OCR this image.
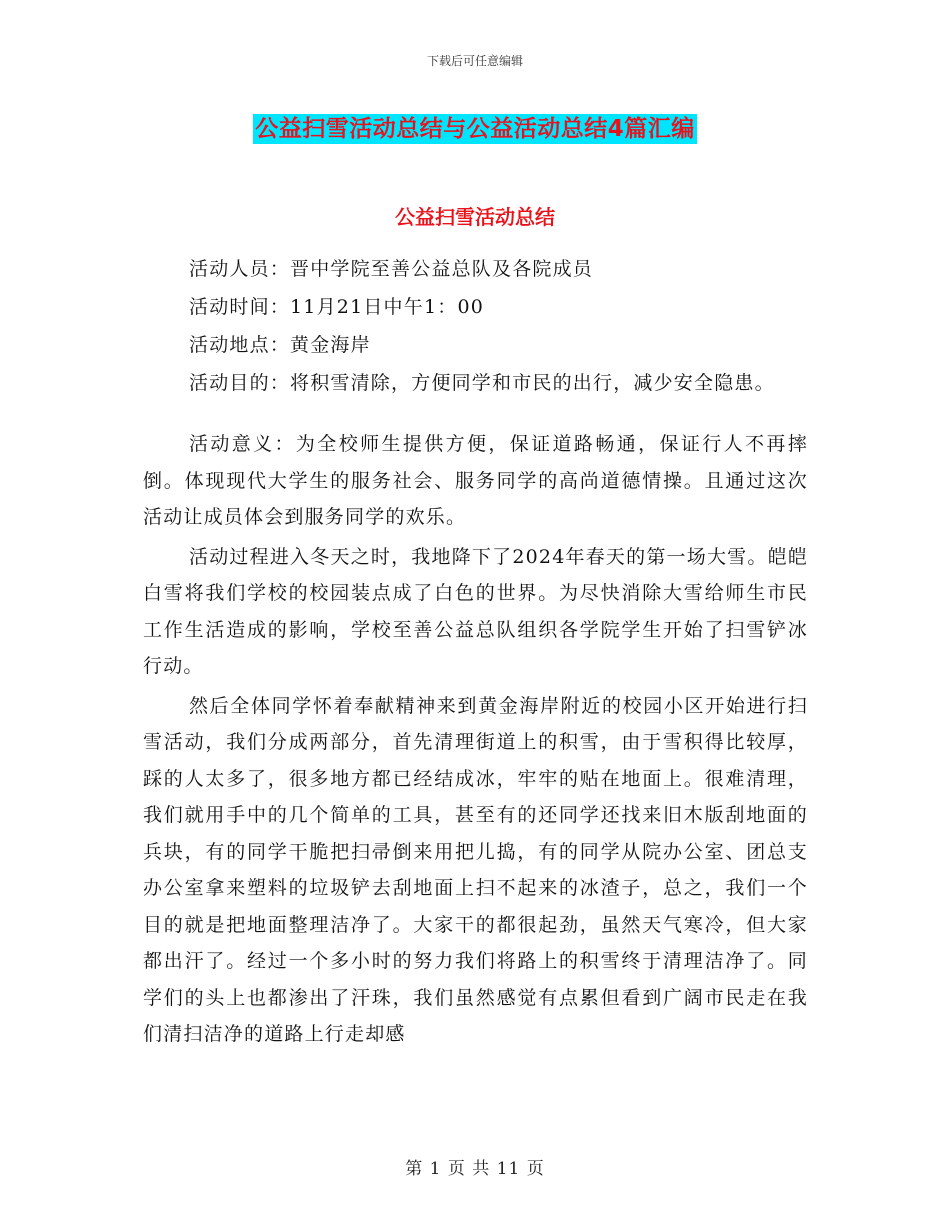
下载后可任意编辑
公益扫雪活动总结与公益活动总结4篇汇编
公益扫雪活动总结
活动人员：晋中学院至善公益总队及各院成员
活动时间：11月21日中午1：00
活动地点：黄金海岸
活动目的：将积雪清除，方便同学和市民的出行，减少安全隐患。

活动意义：为全校师生提供方便，保证道路畅通，保证行人不再摔倒。体现现代大学生的服务社会、服务同学的高尚道德情操。且通过这次活动让成员体会到服务同学的欢乐。

活动过程进入冬天之时，我地降下了2024年春天的第一场大雪。皑皑白雪将我们学校的校园装点成了白色的世界。为尽快消除大雪给师生市民工作生活造成的影响，学校至善公益总队组织各学院学生开始了扫雪铲冰行动。

然后全体同学怀着奉献精神来到黄金海岸附近的校园小区开始进行扫雪活动，我们分成两部分，首先清理街道上的积雪，由于雪积得比较厚，踩的人太多了，很多地方都已经结成冰，牢牢的贴在地面上。很难清理，我们就用手中的几个简单的工具，甚至有的还同学还找来旧木版刮地面的兵块，有的同学干脆把扫帚倒来用把儿捣，有的同学从院办公室、团总支办公室拿来塑料的垃圾铲去刮地面上扫不起来的冰渣子，总之，我们一个目的就是把地面整理洁净了。大家干的都很起劲，虽然天气寒冷，但大家都出汗了。经过一个多小时的努力我们将路上的积雪终于清理洁净了。同学们的头上也都渗出了汗珠，我们虽然感觉有点累但看到广阔市民走在我们清扫洁净的道路上行走却感

第 1 页 共 11 页
